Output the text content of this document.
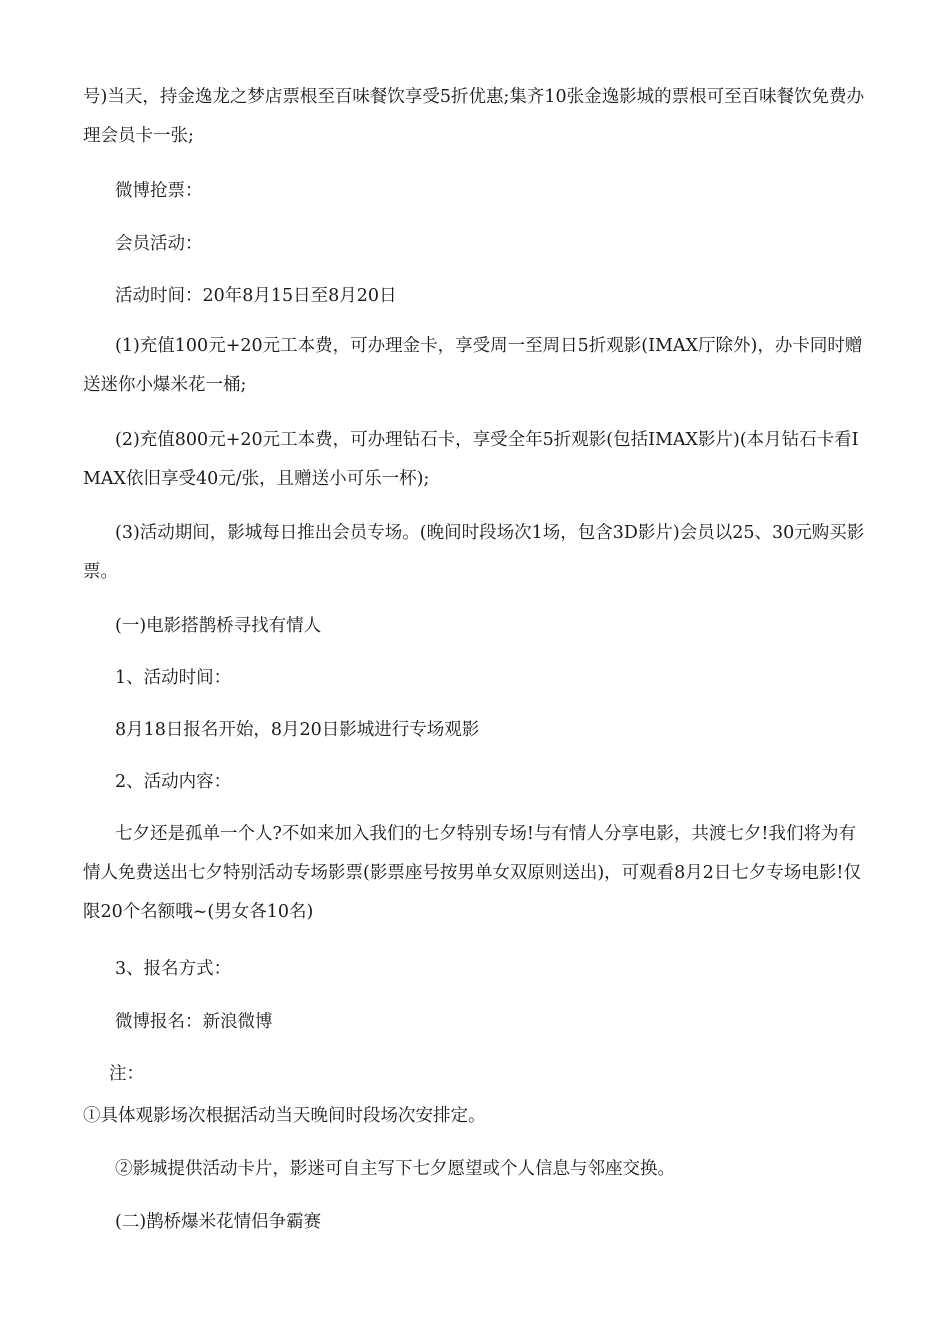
号)当天，持金逸龙之梦店票根至百味餐饮享受5折优惠;集齐10张金逸影城的票根可至百味餐饮免费办理会员卡一张;

微博抢票：

会员活动：

活动时间：20年8月15日至8月20日

(1)充值100元+20元工本费，可办理金卡，享受周一至周日5折观影(IMAX厅除外)，办卡同时赠送迷你小爆米花一桶;

(2)充值800元+20元工本费，可办理钻石卡，享受全年5折观影(包括IMAX影片)(本月钻石卡看IMAX依旧享受40元/张，且赠送小可乐一杯);

(3)活动期间，影城每日推出会员专场。(晚间时段场次1场，包含3D影片)会员以25、30元购买影票。

(一)电影搭鹊桥寻找有情人

1、活动时间：

8月18日报名开始，8月20日影城进行专场观影

2、活动内容：

七夕还是孤单一个人?不如来加入我们的七夕特别专场!与有情人分享电影，共渡七夕!我们将为有情人免费送出七夕特别活动专场影票(影票座号按男单女双原则送出)，可观看8月2日七夕专场电影!仅限20个名额哦~(男女各10名)

3、报名方式：

微博报名：新浪微博

注：

①具体观影场次根据活动当天晚间时段场次安排定。

②影城提供活动卡片，影迷可自主写下七夕愿望或个人信息与邻座交换。

(二)鹊桥爆米花情侣争霸赛
